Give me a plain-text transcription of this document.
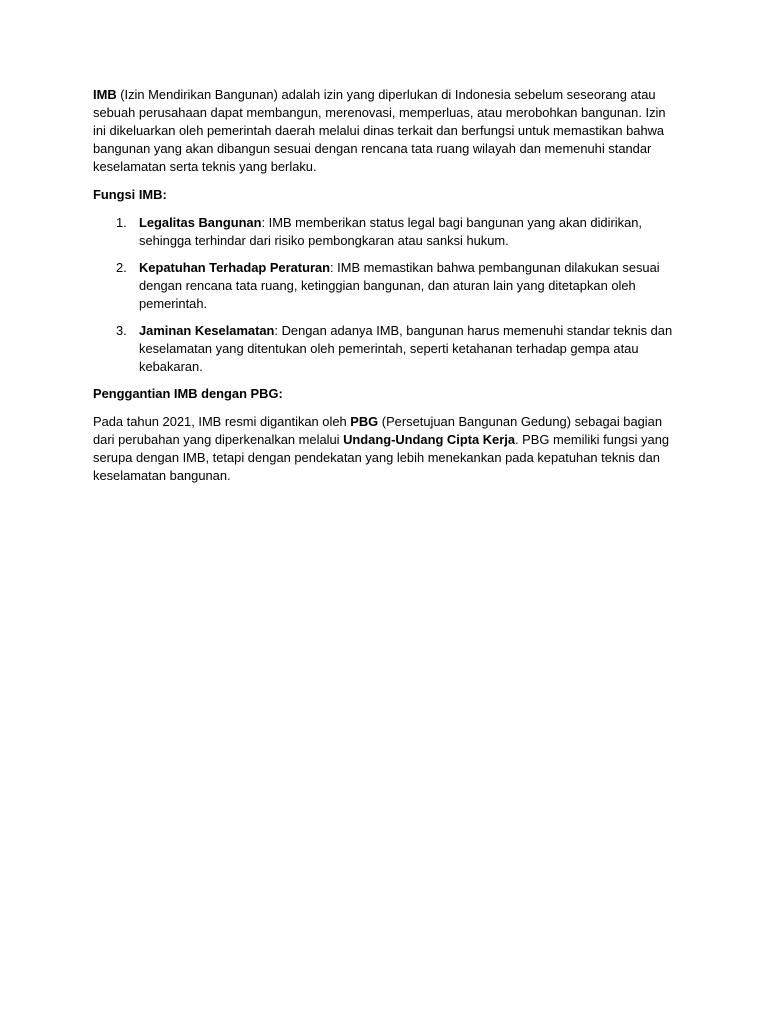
IMB (Izin Mendirikan Bangunan) adalah izin yang diperlukan di Indonesia sebelum seseorang atau sebuah perusahaan dapat membangun, merenovasi, memperluas, atau merobohkan bangunan. Izin ini dikeluarkan oleh pemerintah daerah melalui dinas terkait dan berfungsi untuk memastikan bahwa bangunan yang akan dibangun sesuai dengan rencana tata ruang wilayah dan memenuhi standar keselamatan serta teknis yang berlaku.

Fungsi IMB:
1. Legalitas Bangunan: IMB memberikan status legal bagi bangunan yang akan didirikan, sehingga terhindar dari risiko pembongkaran atau sanksi hukum.
2. Kepatuhan Terhadap Peraturan: IMB memastikan bahwa pembangunan dilakukan sesuai dengan rencana tata ruang, ketinggian bangunan, dan aturan lain yang ditetapkan oleh pemerintah.
3. Jaminan Keselamatan: Dengan adanya IMB, bangunan harus memenuhi standar teknis dan keselamatan yang ditentukan oleh pemerintah, seperti ketahanan terhadap gempa atau kebakaran.
Penggantian IMB dengan PBG:

Pada tahun 2021, IMB resmi digantikan oleh PBG (Persetujuan Bangunan Gedung) sebagai bagian dari perubahan yang diperkenalkan melalui Undang-Undang Cipta Kerja. PBG memiliki fungsi yang serupa dengan IMB, tetapi dengan pendekatan yang lebih menekankan pada kepatuhan teknis dan keselamatan bangunan.
